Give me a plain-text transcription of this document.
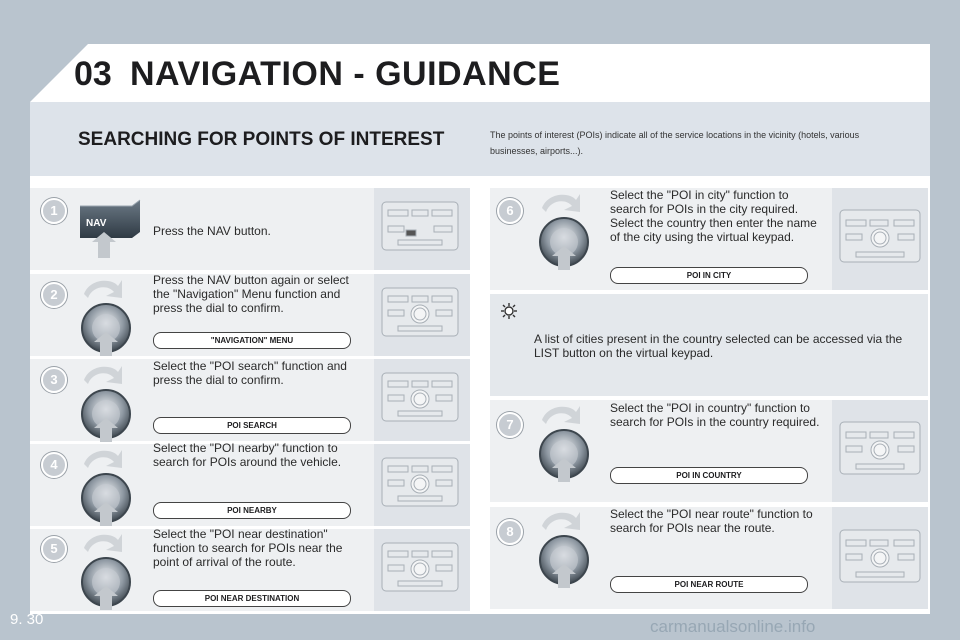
03 NAVIGATION - GUIDANCE
SEARCHING FOR POINTS OF INTEREST	The points of interest (POIs) indicate all of the service locations in the vicinity (hotels, various businesses, airports...).
1
2
3
4
5
6
7
8
NAV
Press the NAV button.
Press the NAV button again or select the "Navigation" Menu function and press the dial to confirm.
Select the "POI search" function and press the dial to confirm.
Select the "POI nearby" function to search for POIs around the vehicle.
Select the "POI near destination" function to search for POIs near the point of arrival of the route.
Select the "POI in city" function to search for POIs in the city required. Select the country then enter the name of the city using the virtual keypad.
Select the "POI in country" function to search for POIs in the country required.
Select the "POI near route" function to search for POIs near the route.
"NAVIGATION" MENU
POI SEARCH
POI NEARBY
POI NEAR DESTINATION
POI IN CITY
POI IN COUNTRY
POI NEAR ROUTE
A list of cities present in the country selected can be accessed via the LIST button on the virtual keypad.
9. 30	carmanualsonline.info
